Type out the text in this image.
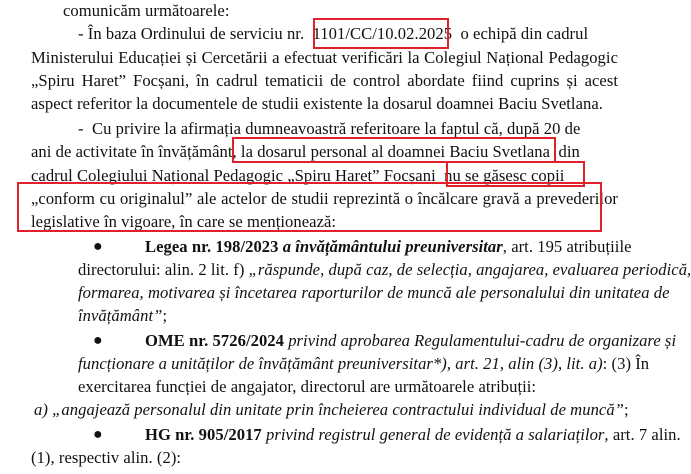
comunicăm următoarele:
- În baza Ordinului de serviciu nr. 1101/CC/10.02.2025 o echipă din cadrul
Ministerului Educației și Cercetării a efectuat verificări la Colegiul Național Pedagogic
„Spiru Haret” Focșani, în cadrul tematicii de control abordate fiind cuprins și acest
aspect referitor la documentele de studii existente la dosarul doamnei Baciu Svetlana.
- Cu privire la afirmația dumneavoastră referitoare la faptul că, după 20 de
ani de activitate în învățământ, la dosarul personal al doamnei Baciu Svetlana din
cadrul Colegiului Național Pedagogic „Spiru Haret” Focșani nu se găsesc copii
„conform cu originalul” ale actelor de studii reprezintă o încălcare gravă a prevederilor
legislative în vigoare, în care se menționează:
●	Legea nr. 198/2023 a învățământului preuniversitar, art. 195 atribuțiile
directorului: alin. 2 lit. f) „răspunde, după caz, de selecția, angajarea, evaluarea periodică,
formarea, motivarea și încetarea raporturilor de muncă ale personalului din unitatea de
învățământ”;
●	OME nr. 5726/2024 privind aprobarea Regulamentului-cadru de organizare și
funcționare a unităților de învățământ preuniversitar*), art. 21, alin (3), lit. a): (3) În
exercitarea funcției de angajator, directorul are următoarele atribuții:
a) „angajează personalul din unitate prin încheierea contractului individual de muncă”;
●	HG nr. 905/2017 privind registrul general de evidență a salariaților, art. 7 alin.
(1), respectiv alin. (2):
